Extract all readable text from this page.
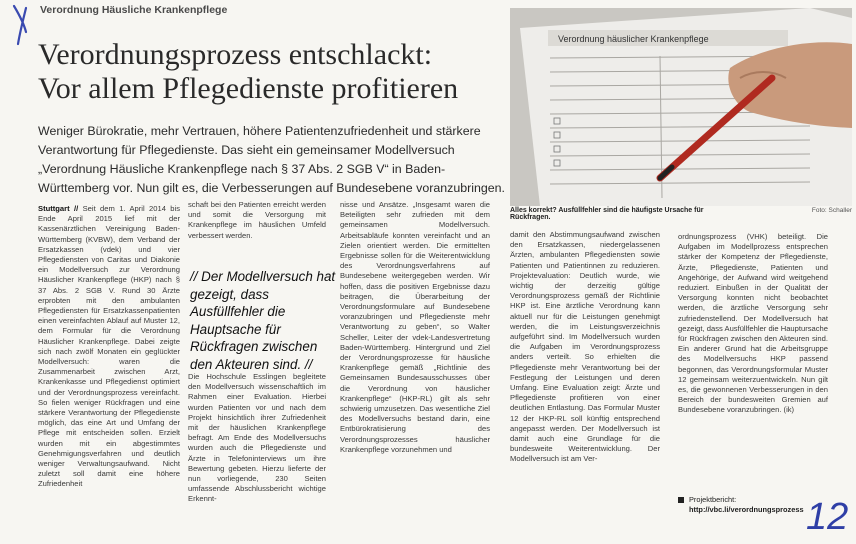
Verordnung Häusliche Krankenpflege
Verordnungsprozess entschlackt:
Vor allem Pflegedienste profitieren
Weniger Bürokratie, mehr Vertrauen, höhere Patientenzufriedenheit und stärkere Verantwortung für Pflegedienste. Das sieht ein gemeinsamer Modellversuch „Verordnung Häusliche Krankenpflege nach § 37 Abs. 2 SGB V“ in Baden-Württemberg vor. Nun gilt es, die Verbesserungen auf Bundesebene voranzubringen.
Verordnung häuslicher Krankenpflege
Alles korrekt? Ausfüllfehler sind die häufigste Ursache für Rückfragen.
Foto: Schaller

Stuttgart // Seit dem 1. April 2014 bis Ende April 2015 lief mit der Kassenärztlichen Vereinigung Baden-Württemberg (KVBW), dem Verband der Ersatzkassen (vdek) und vier Pflegediensten von Caritas und Diakonie ein Modellversuch zur Verordnung Häuslicher Krankenpflege (HKP) nach § 37 Abs. 2 SGB V. Rund 30 Ärzte erprobten mit den ambulanten Pflegediensten für Ersatzkassenpatienten einen vereinfachten Ablauf auf Muster 12, dem Formular für die Verordnung Häuslicher Krankenpflege. Dabei zeigte sich nach zwölf Monaten ein geglückter Modellversuch: waren die Zusammenarbeit zwischen Arzt, Krankenkasse und Pflegedienst optimiert und der Verordnungsprozess vereinfacht. So fielen weniger Rückfragen und eine stärkere Verantwortung der Pflegedienste möglich, das eine Art und Umfang der Pflege mit entscheiden sollen. Erzielt wurden mit ein abgestimmtes Genehmigungsverfahren und deutlich weniger Verwaltungsaufwand. Nicht zuletzt soll damit eine höhere Zufriedenheit

schaft bei den Patienten erreicht werden und somit die Versorgung mit Krankenpflege im häuslichen Umfeld verbessert werden.

// Der Modellversuch hat gezeigt, dass Ausfüllfehler die Hauptsache für Rückfragen zwischen den Akteuren sind. //

Die Hochschule Esslingen begleitete den Modellversuch wissenschaftlich im Rahmen einer Evaluation. Hierbei wurden Patienten vor und nach dem Projekt hinsichtlich ihrer Zufriedenheit mit der häuslichen Krankenpflege befragt. Am Ende des Modellversuchs wurden auch die Pflegedienste und Ärzte in Telefoninterviews um ihre Bewertung gebeten. Hierzu lieferte der nun vorliegende, 230 Seiten umfassende Abschlussbericht wichtige Erkennt-

nisse und Ansätze. „Insgesamt waren die Beteiligten sehr zufrieden mit dem gemeinsamen Modellversuch. Arbeitsabläufe konnten vereinfacht und an Zielen orientiert werden. Die ermittelten Ergebnisse sollen für die Weiterentwicklung des Verordnungsverfahrens auf Bundesebene weitergegeben werden. Wir hoffen, dass die positiven Ergebnisse dazu beitragen, die Überarbeitung der Verordnungsformulare auf Bundesebene voranzubringen und Pflegedienste mehr Verantwortung zu geben“, so Walter Scheller, Leiter der vdek-Landesvertretung Baden-Württemberg. Hintergrund und Ziel der Verordnungsprozesse für häusliche Krankenpflege gemäß „Richtlinie des Gemeinsamen Bundesausschusses über die Verordnung von häuslicher Krankenpflege“ (HKP-RL) gilt als sehr schwierig umzusetzen. Das wesentliche Ziel des Modellversuchs bestand darin, eine Entbürokratisierung des Verordnungsprozesses häuslicher Krankenpflege vorzunehmen und

damit den Abstimmungsaufwand zwischen den Ersatzkassen, niedergelassenen Ärzten, ambulanten Pflegediensten sowie Patienten und Patientinnen zu reduzieren. Projektevaluation: Deutlich wurde, wie wichtig der derzeitig gültige Verordnungsprozess gemäß der Richtlinie HKP ist. Eine ärztliche Verordnung kann aktuell nur für die Leistungen genehmigt werden, die im Leistungsverzeichnis aufgeführt sind. Im Modellversuch wurden die Aufgaben im Verordnungsprozess anders verteilt. So erhielten die Pflegedienste mehr Verantwortung bei der Festlegung der Leistungen und deren Umfang. Eine Evaluation zeigt: Ärzte und Pflegedienste profitieren von einer deutlichen Entlastung. Das Formular Muster 12 der HKP-RL soll künftig entsprechend angepasst werden. Der Modellversuch ist damit auch eine Grundlage für die bundesweite Weiterentwicklung. Der Modellversuch ist am Ver-

ordnungsprozess (VHK) beteiligt. Die Aufgaben im Modellprozess entsprechen stärker der Kompetenz der Pflegedienste, Ärzte, Pflegedienste, Patienten und Angehörige, der Aufwand wird weitgehend reduziert. Einbußen in der Qualität der Versorgung konnten nicht beobachtet werden, die ärztliche Versorgung sehr zufriedenstellend. Der Modellversuch hat gezeigt, dass Ausfüllfehler die Hauptursache für Rückfragen zwischen den Akteuren sind. Ein anderer Grund hat die Arbeitsgruppe des Modellversuchs HKP passend begonnen, das Verordnungsformular Muster 12 gemeinsam weiterzuentwickeln. Nun gilt es, die gewonnenen Verbesserungen in den Bereich der bundesweiten Gremien auf Bundesebene voranzubringen. (ik)

Projektbericht:
http://vbc.li/verordnungsprozess 12
